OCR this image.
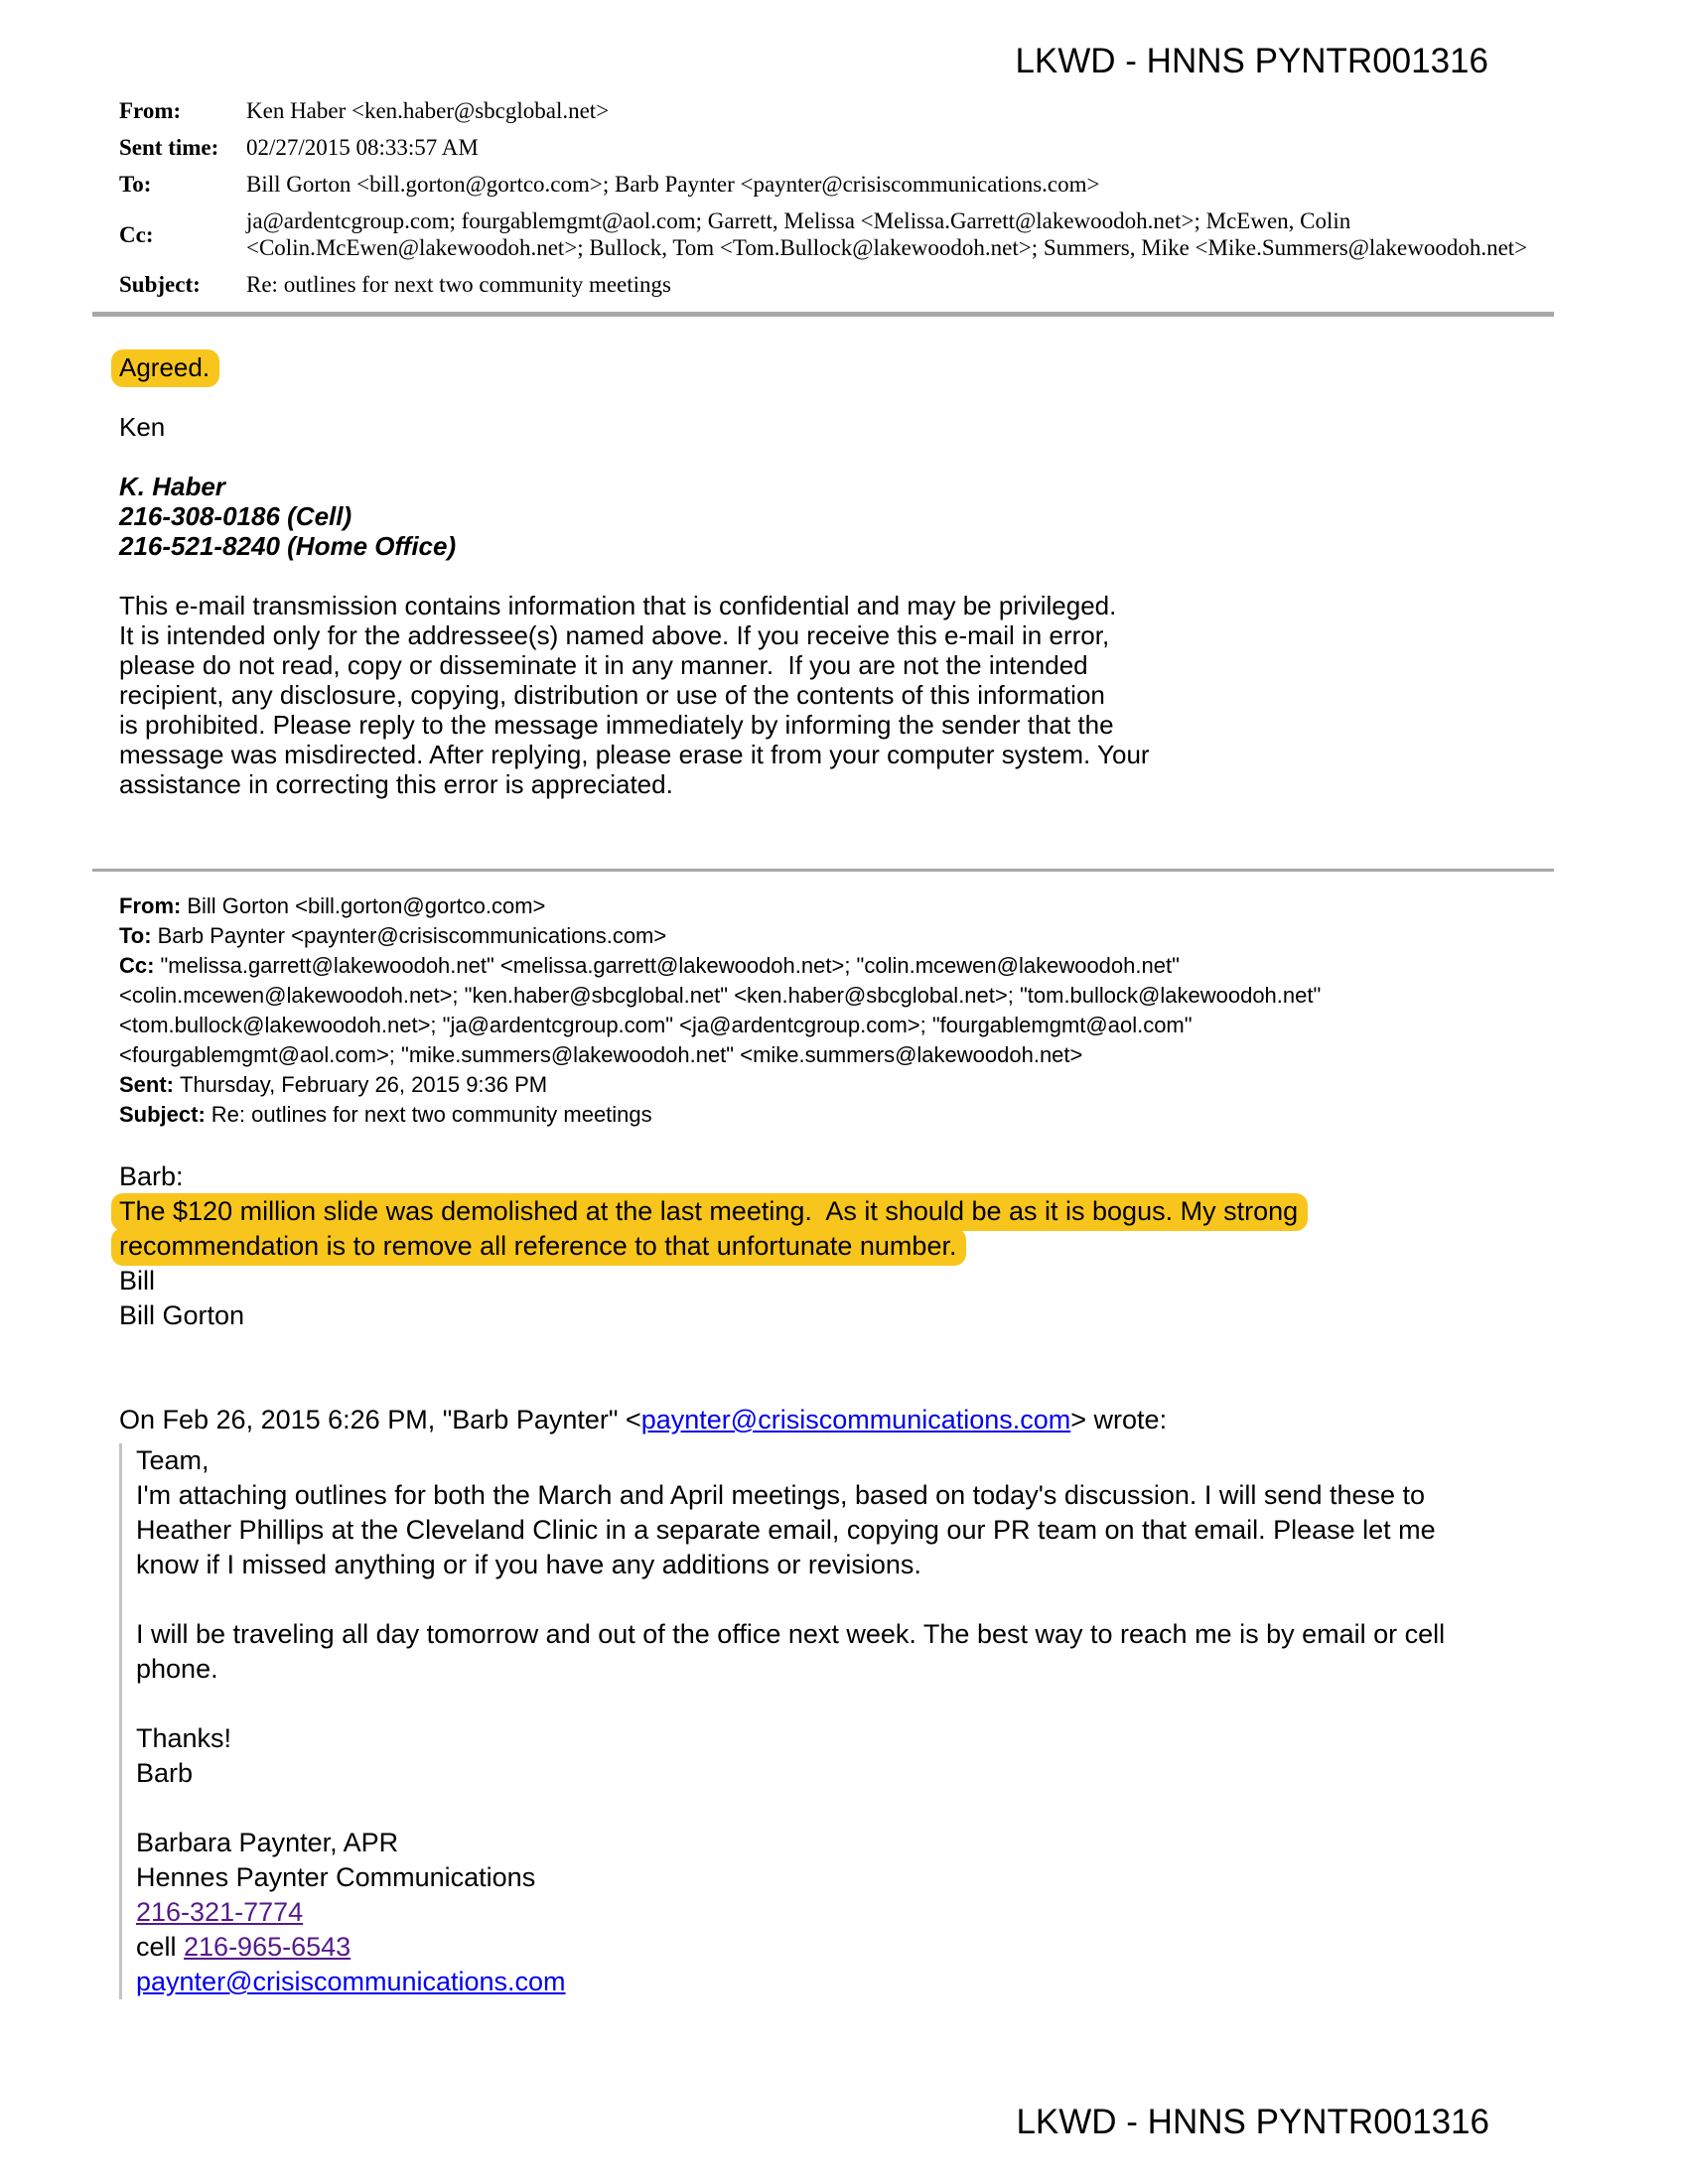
LKWD - HNNS PYNTR001316
From:	Ken Haber <ken.haber@sbcglobal.net>
Sent time:	02/27/2015 08:33:57 AM
To:	Bill Gorton <bill.gorton@gortco.com>; Barb Paynter <paynter@crisiscommunications.com>
Cc:
ja@ardentcgroup.com; fourgablemgmt@aol.com; Garrett, Melissa <Melissa.Garrett@lakewoodoh.net>; McEwen, Colin
<Colin.McEwen@lakewoodoh.net>; Bullock, Tom <Tom.Bullock@lakewoodoh.net>; Summers, Mike <Mike.Summers@lakewoodoh.net>
Subject:	Re: outlines for next two community meetings

Agreed.

Ken

K. Haber
216-308-0186 (Cell)
216-521-8240 (Home Office)

This e-mail transmission contains information that is confidential and may be privileged.
It is intended only for the addressee(s) named above. If you receive this e-mail in error,
please do not read, copy or disseminate it in any manner.  If you are not the intended
recipient, any disclosure, copying, distribution or use of the contents of this information
is prohibited. Please reply to the message immediately by informing the sender that the
message was misdirected. After replying, please erase it from your computer system. Your
assistance in correcting this error is appreciated.

From: Bill Gorton <bill.gorton@gortco.com>

To: Barb Paynter <paynter@crisiscommunications.com>

Cc: "melissa.garrett@lakewoodoh.net" <melissa.garrett@lakewoodoh.net>; "colin.mcewen@lakewoodoh.net"
<colin.mcewen@lakewoodoh.net>; "ken.haber@sbcglobal.net" <ken.haber@sbcglobal.net>; "tom.bullock@lakewoodoh.net"
<tom.bullock@lakewoodoh.net>; "ja@ardentcgroup.com" <ja@ardentcgroup.com>; "fourgablemgmt@aol.com"
<fourgablemgmt@aol.com>; "mike.summers@lakewoodoh.net" <mike.summers@lakewoodoh.net>

Sent: Thursday, February 26, 2015 9:36 PM

Subject: Re: outlines for next two community meetings

Barb:

The $120 million slide was demolished at the last meeting.  As it should be as it is bogus. My strong
recommendation is to remove all reference to that unfortunate number.

Bill

Bill Gorton

On Feb 26, 2015 6:26 PM, "Barb Paynter" <paynter@crisiscommunications.com> wrote:

Team,
I'm attaching outlines for both the March and April meetings, based on today's discussion. I will send these to
Heather Phillips at the Cleveland Clinic in a separate email, copying our PR team on that email. Please let me
know if I missed anything or if you have any additions or revisions.

I will be traveling all day tomorrow and out of the office next week. The best way to reach me is by email or cell
phone.

Thanks!
Barb

Barbara Paynter, APR

Hennes Paynter Communications

216-321-7774

cell 216-965-6543

paynter@crisiscommunications.com

LKWD - HNNS PYNTR001316
